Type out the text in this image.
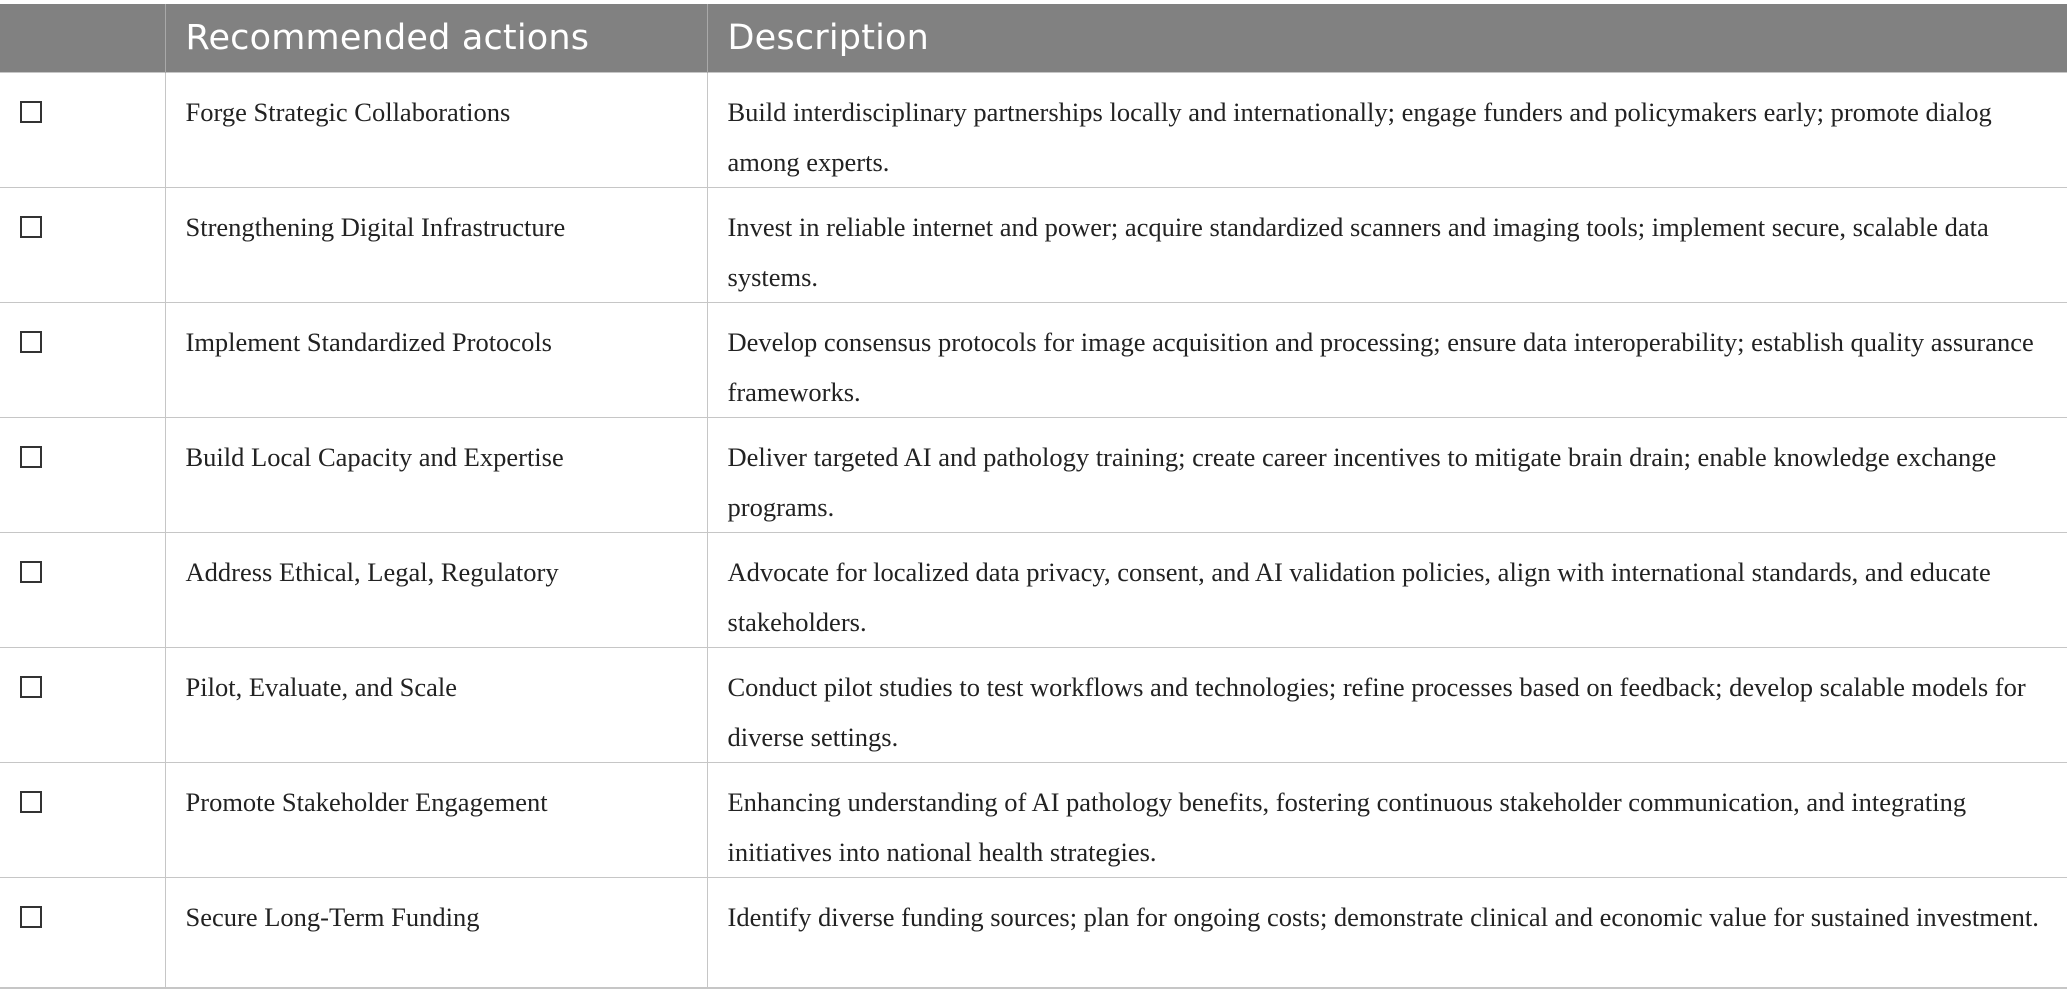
	Recommended actions	Description

	Forge Strategic Collaborations	Build interdisciplinary partnerships locally and internationally; engage funders and policymakers early; promote dialog among experts.

	Strengthening Digital Infrastructure	Invest in reliable internet and power; acquire standardized scanners and imaging tools; implement secure, scalable data systems.

	Implement Standardized Protocols	Develop consensus protocols for image acquisition and processing; ensure data interoperability; establish quality assurance frameworks.

	Build Local Capacity and Expertise	Deliver targeted AI and pathology training; create career incentives to mitigate brain drain; enable knowledge exchange programs.

	Address Ethical, Legal, Regulatory	Advocate for localized data privacy, consent, and AI validation policies, align with international standards, and educate stakeholders.

	Pilot, Evaluate, and Scale	Conduct pilot studies to test workflows and technologies; refine processes based on feedback; develop scalable models for diverse settings.

	Promote Stakeholder Engagement	Enhancing understanding of AI pathology benefits, fostering continuous stakeholder communication, and integrating initiatives into national health strategies.

	Secure Long-Term Funding	Identify diverse funding sources; plan for ongoing costs; demonstrate clinical and economic value for sustained investment.
